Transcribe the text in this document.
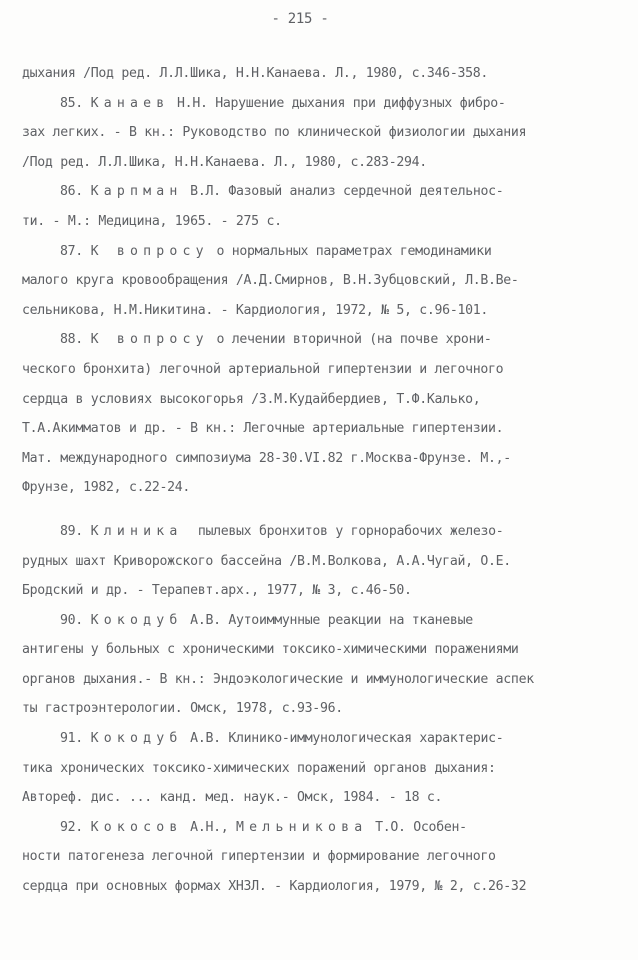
- 215 -
дыхания /Под ред. Л.Л.Шика, Н.Н.Канаева. Л., 1980, с.346-358.
85. Канаев Н.Н. Нарушение дыхания при диффузных фибро-
зах легких. - В кн.: Руководство по клинической физиологии дыхания
/Под ред. Л.Л.Шика, Н.Н.Канаева. Л., 1980, с.283-294.
86. Карпман В.Л. Фазовый анализ сердечной деятельнос-
ти. - М.: Медицина, 1965. - 275 с.
87. К вопросу о нормальных параметрах гемодинамики
малого круга кровообращения /А.Д.Смирнов, В.Н.Зубцовский, Л.В.Ве-
сельникова, Н.М.Никитина. - Кардиология, 1972, № 5, с.96-101.
88. К вопросу о лечении вторичной (на почве хрони-
ческого бронхита) легочной артериальной гипертензии и легочного
сердца в условиях высокогорья /З.М.Кудайбердиев, Т.Ф.Калько,
Т.А.Акимматов и др. - В кн.: Легочные артериальные гипертензии.
Мат. международного симпозиума 28-30.VI.82 г.Москва-Фрунзе. М.,-
Фрунзе, 1982, с.22-24.
89. Клиника  пылевых бронхитов у горнорабочих железо-
рудных шахт Криворожского бассейна /В.М.Волкова, А.А.Чугай, О.Е.
Бродский и др. - Терапевт.арх., 1977, № 3, с.46-50.
90. Кокодуб А.В. Аутоиммунные реакции на тканевые
антигены у больных с хроническими токсико-химическими поражениями
органов дыхания.- В кн.: Эндоэкологические и иммунологические аспек
ты гастроэнтерологии. Омск, 1978, с.93-96.
91. Кокодуб А.В. Клинико-иммунологическая характерис-
тика хронических токсико-химических поражений органов дыхания:
Автореф. дис. ... канд. мед. наук.- Омск, 1984. - 18 с.
92. Кокосов А.Н., Мельникова Т.О. Особен-
ности патогенеза легочной гипертензии и формирование легочного
сердца при основных формах ХНЗЛ. - Кардиология, 1979, № 2, с.26-32
